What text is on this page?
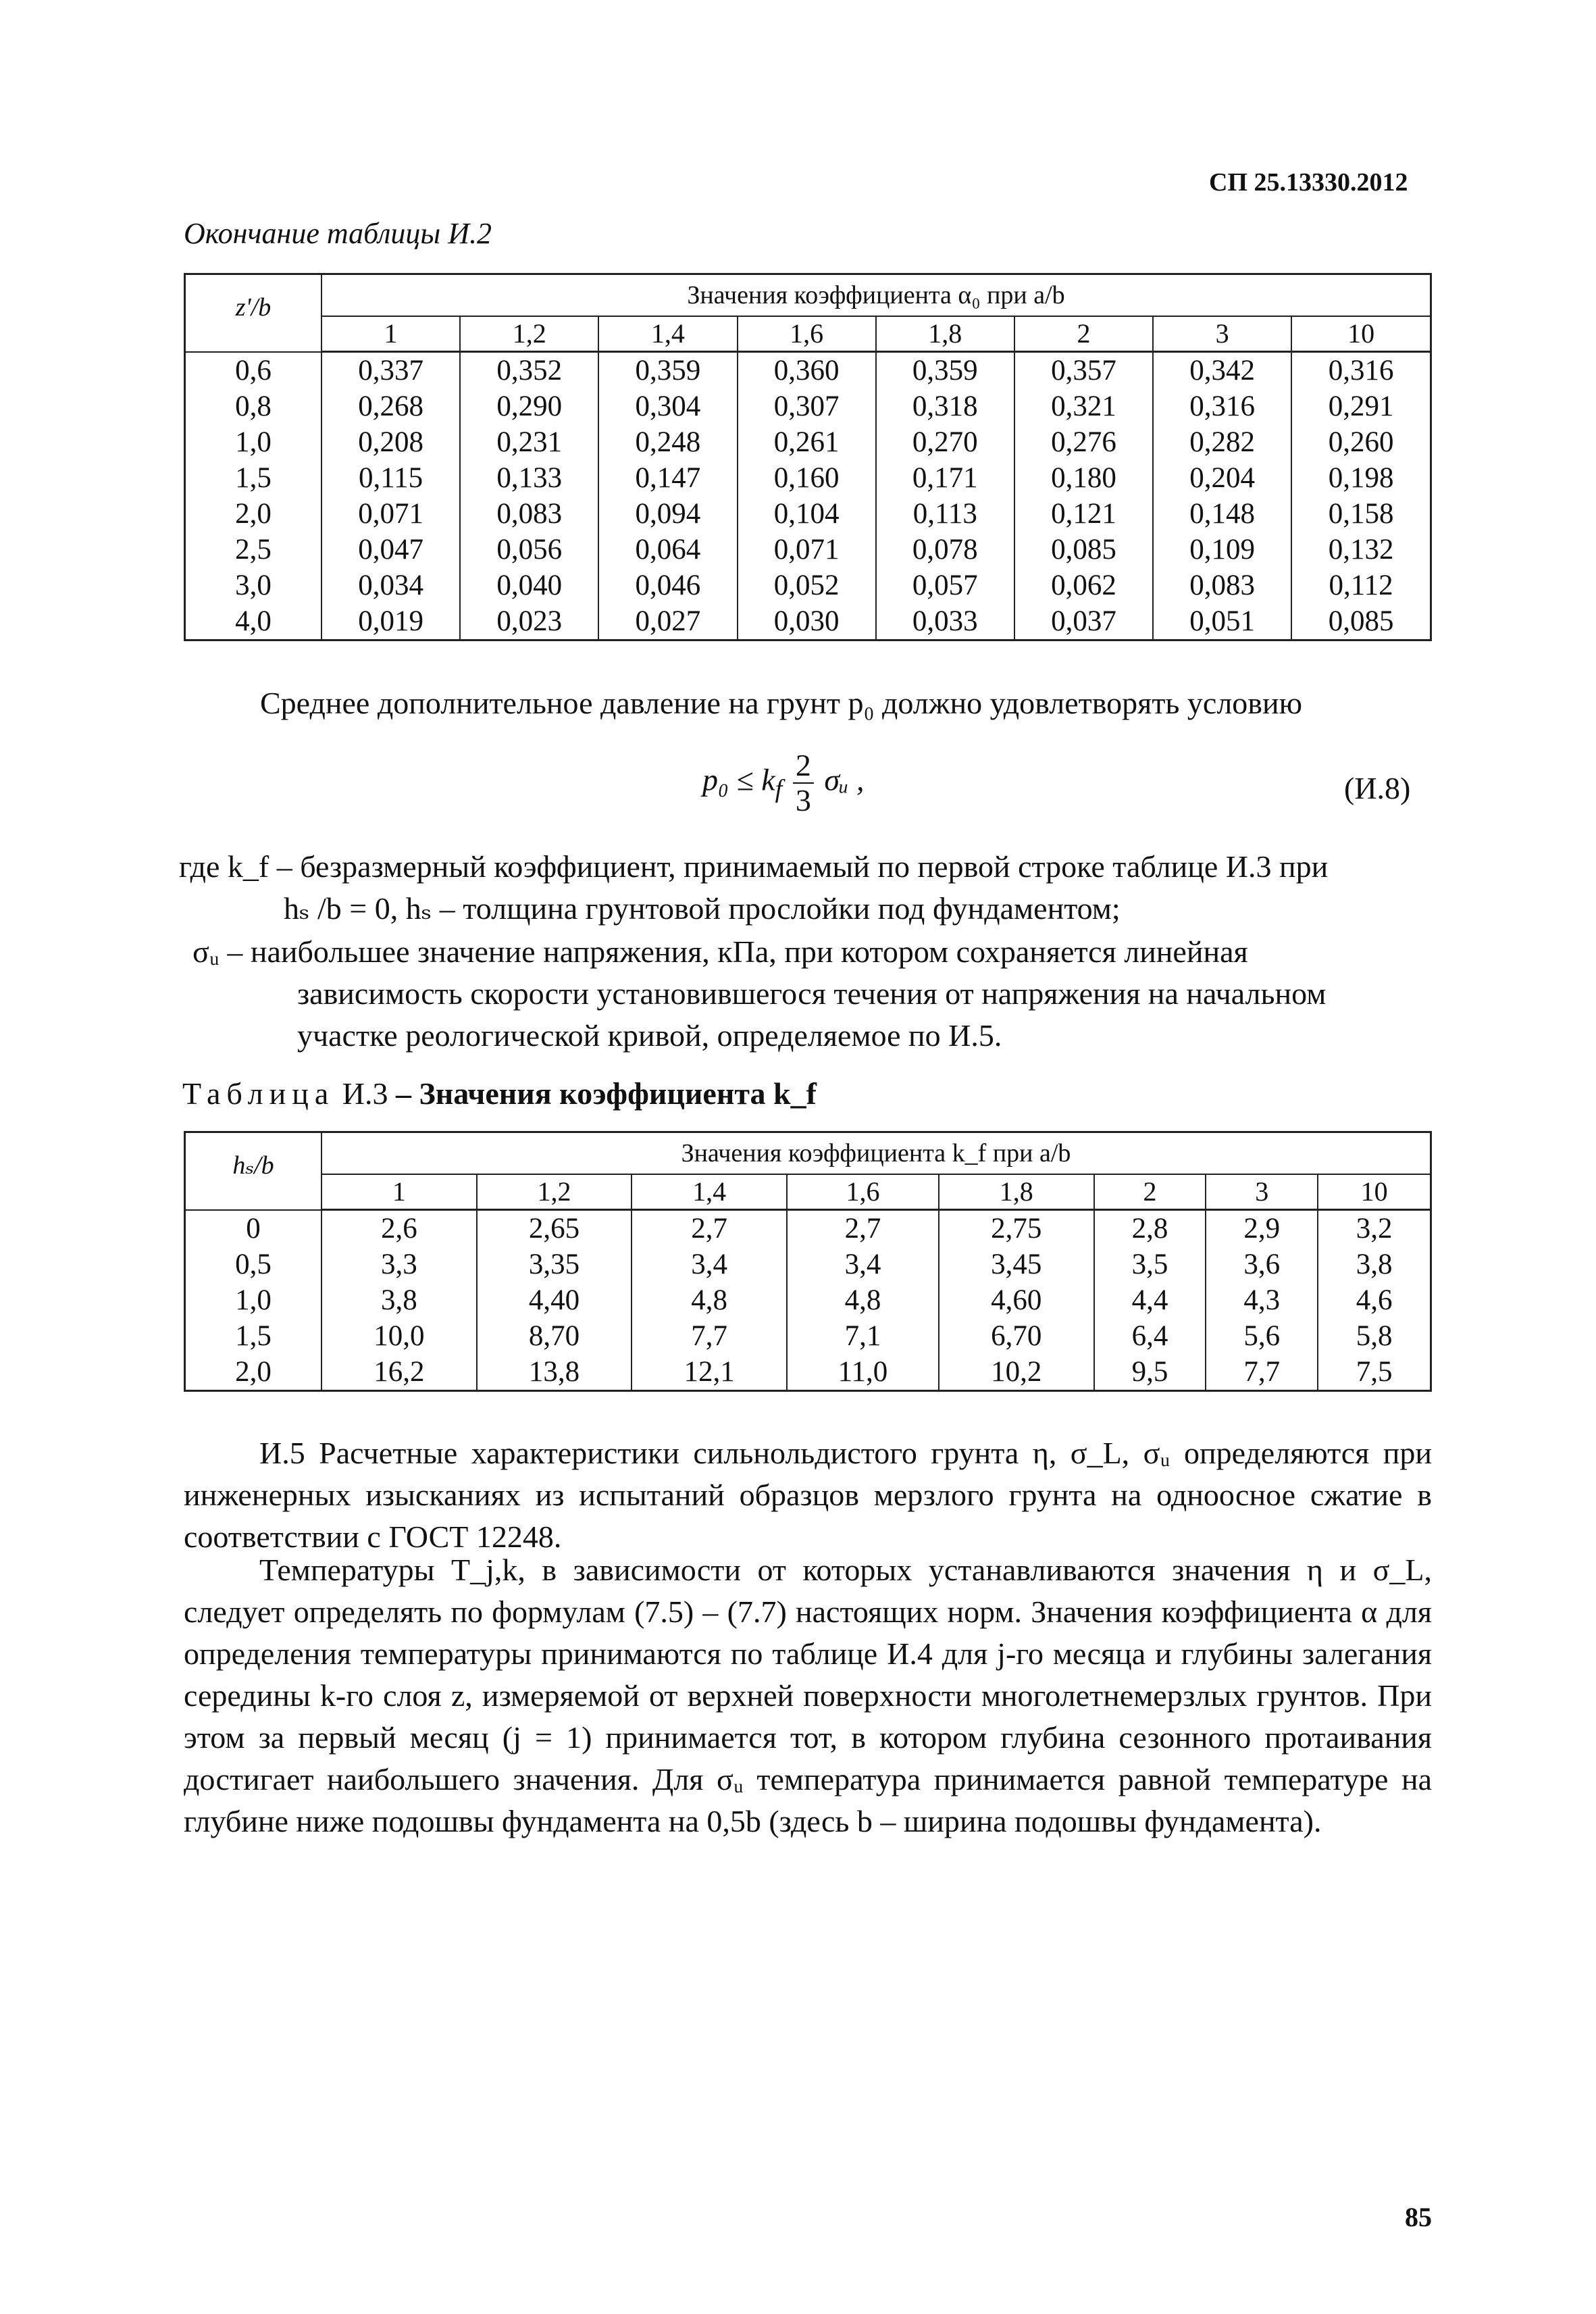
СП 25.13330.2012
Окончание таблицы И.2
z'/b	Значения коэффициента α₀ при a/b							
	1	1,2	1,4	1,6	1,8	2	3	10
0,6	0,337	0,352	0,359	0,360	0,359	0,357	0,342	0,316
0,8	0,268	0,290	0,304	0,307	0,318	0,321	0,316	0,291
1,0	0,208	0,231	0,248	0,261	0,270	0,276	0,282	0,260
1,5	0,115	0,133	0,147	0,160	0,171	0,180	0,204	0,198
2,0	0,071	0,083	0,094	0,104	0,113	0,121	0,148	0,158
2,5	0,047	0,056	0,064	0,071	0,078	0,085	0,109	0,132
3,0	0,034	0,040	0,046	0,052	0,057	0,062	0,083	0,112
4,0	0,019	0,023	0,027	0,030	0,033	0,037	0,051	0,085
Среднее дополнительное давление на грунт p₀ должно удовлетворять условию
$p_0 \le k_f \frac{2}{3}$ σᵤ ,	(И.8)
где k_f – безразмерный коэффициент, принимаемый по первой строке таблице И.3 при
hₛ /b = 0, hₛ – толщина грунтовой прослойки под фундаментом;
σᵤ – наибольшее значение напряжения, кПа, при котором сохраняется линейная
зависимость скорости установившегося течения от напряжения на начальном
участке реологической кривой, определяемое по И.5.
Таблица И.3 – Значения коэффициента k_f
hₛ/b	Значения коэффициента k_f при a/b							
	1	1,2	1,4	1,6	1,8	2	3	10
0	2,6	2,65	2,7	2,7	2,75	2,8	2,9	3,2
0,5	3,3	3,35	3,4	3,4	3,45	3,5	3,6	3,8
1,0	3,8	4,40	4,8	4,8	4,60	4,4	4,3	4,6
1,5	10,0	8,70	7,7	7,1	6,70	6,4	5,6	5,8
2,0	16,2	13,8	12,1	11,0	10,2	9,5	7,7	7,5
И.5 Расчетные характеристики сильнольдистого грунта η, σ_L, σᵤ определяются при инженерных изысканиях из испытаний образцов мерзлого грунта на одноосное сжатие в соответствии с ГОСТ 12248.
Температуры T_j,k, в зависимости от которых устанавливаются значения η и σ_L, следует определять по формулам (7.5) – (7.7) настоящих норм. Значения коэффициента α для определения температуры принимаются по таблице И.4 для j-го месяца и глубины залегания середины k-го слоя z, измеряемой от верхней поверхности многолетнемерзлых грунтов. При этом за первый месяц (j = 1) принимается тот, в котором глубина сезонного протаивания достигает наибольшего значения. Для σᵤ температура принимается равной температуре на глубине ниже подошвы фундамента на 0,5b (здесь b – ширина подошвы фундамента).
85
